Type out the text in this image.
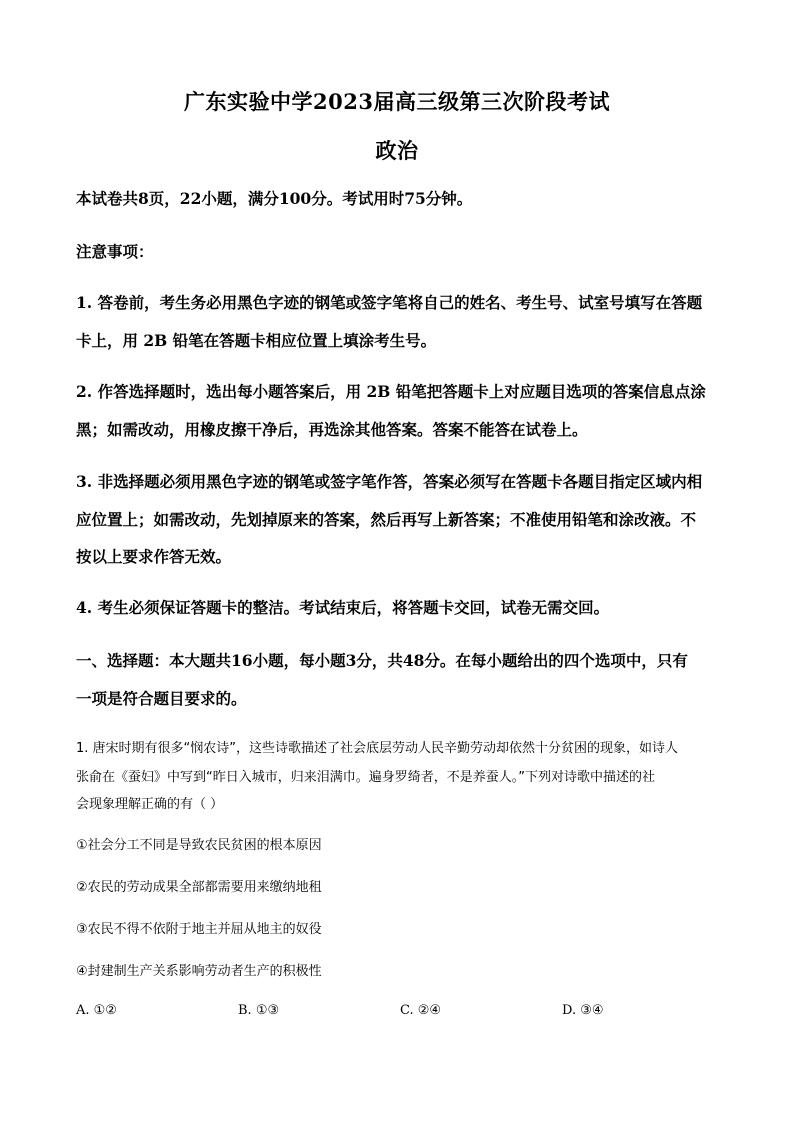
广东实验中学2023届高三级第三次阶段考试
政治
本试卷共8页，22小题，满分100分。考试用时75分钟。
注意事项：
1. 答卷前，考生务必用黑色字迹的钢笔或签字笔将自己的姓名、考生号、试室号填写在答题
卡上，用 2B 铅笔在答题卡相应位置上填涂考生号。
2. 作答选择题时，选出每小题答案后，用 2B 铅笔把答题卡上对应题目选项的答案信息点涂
黑；如需改动，用橡皮擦干净后，再选涂其他答案。答案不能答在试卷上。
3. 非选择题必须用黑色字迹的钢笔或签字笔作答，答案必须写在答题卡各题目指定区域内相
应位置上；如需改动，先划掉原来的答案，然后再写上新答案；不准使用铅笔和涂改液。不
按以上要求作答无效。
4. 考生必须保证答题卡的整洁。考试结束后，将答题卡交回，试卷无需交回。
一、选择题：本大题共16小题，每小题3分，共48分。在每小题给出的四个选项中，只有
一项是符合题目要求的。
1. 唐宋时期有很多“悯农诗”，这些诗歌描述了社会底层劳动人民辛勤劳动却依然十分贫困的现象，如诗人
张俞在《蚕妇》中写到“昨日入城市，归来泪满巾。遍身罗绮者，不是养蚕人。”下列对诗歌中描述的社
会现象理解正确的有（ ）
①社会分工不同是导致农民贫困的根本原因
②农民的劳动成果全部都需要用来缴纳地租
③农民不得不依附于地主并屈从地主的奴役
④封建制生产关系影响劳动者生产的积极性
A. ①②	B. ①③	C. ②④	D. ③④
